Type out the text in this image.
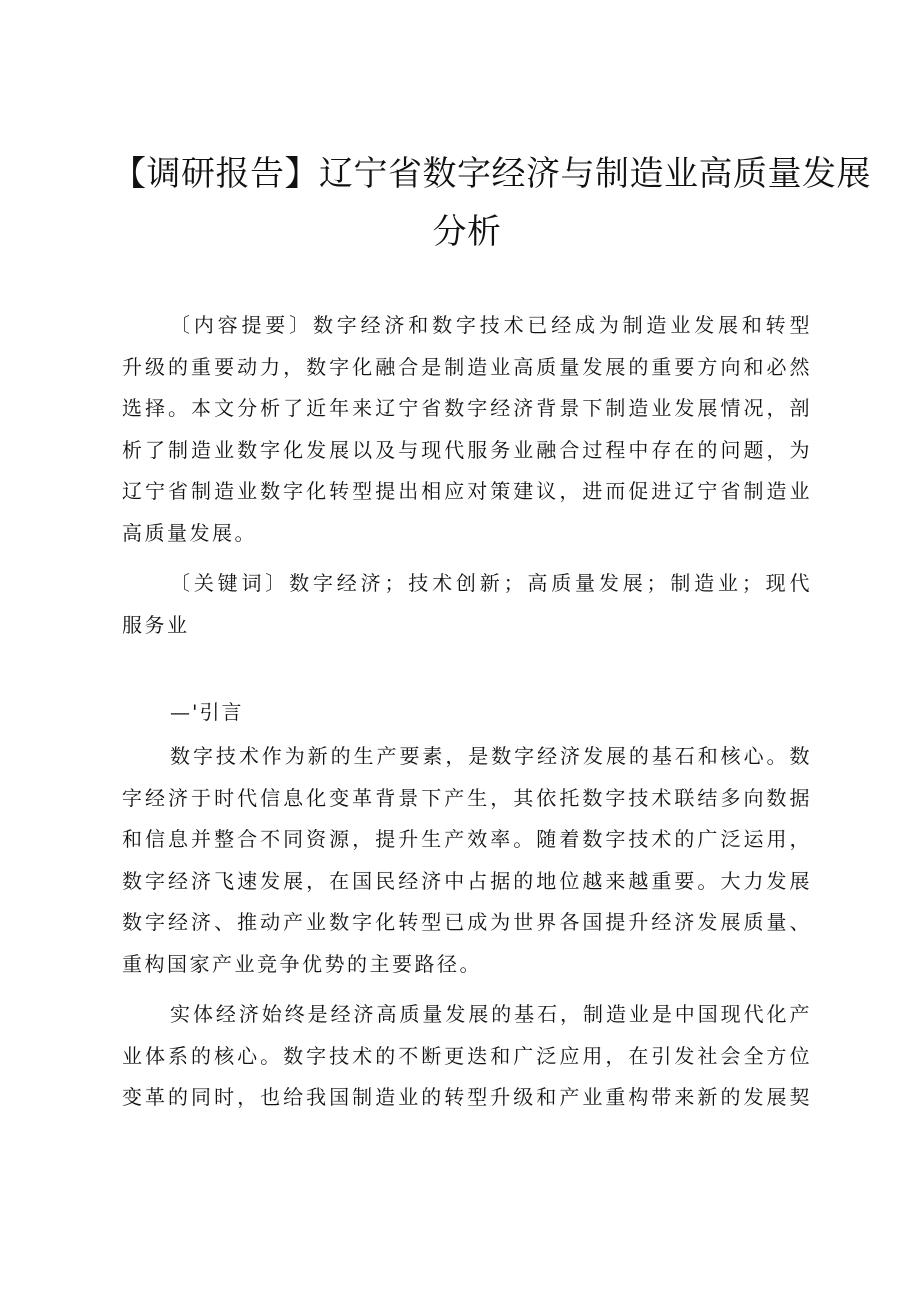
【调研报告】辽宁省数字经济与制造业高质量发展
分析
〔内容提要〕数字经济和数字技术已经成为制造业发展和转型
升级的重要动力，数字化融合是制造业高质量发展的重要方向和必然
选择。本文分析了近年来辽宁省数字经济背景下制造业发展情况，剖
析了制造业数字化发展以及与现代服务业融合过程中存在的问题，为
辽宁省制造业数字化转型提出相应对策建议，进而促进辽宁省制造业
高质量发展。
〔关键词〕数字经济；技术创新；高质量发展；制造业；现代
服务业
—'引言
数字技术作为新的生产要素，是数字经济发展的基石和核心。数
字经济于时代信息化变革背景下产生，其依托数字技术联结多向数据
和信息并整合不同资源，提升生产效率。随着数字技术的广泛运用，
数字经济飞速发展，在国民经济中占据的地位越来越重要。大力发展
数字经济、推动产业数字化转型已成为世界各国提升经济发展质量、
重构国家产业竞争优势的主要路径。
实体经济始终是经济高质量发展的基石，制造业是中国现代化产
业体系的核心。数字技术的不断更迭和广泛应用，在引发社会全方位
变革的同时，也给我国制造业的转型升级和产业重构带来新的发展契
